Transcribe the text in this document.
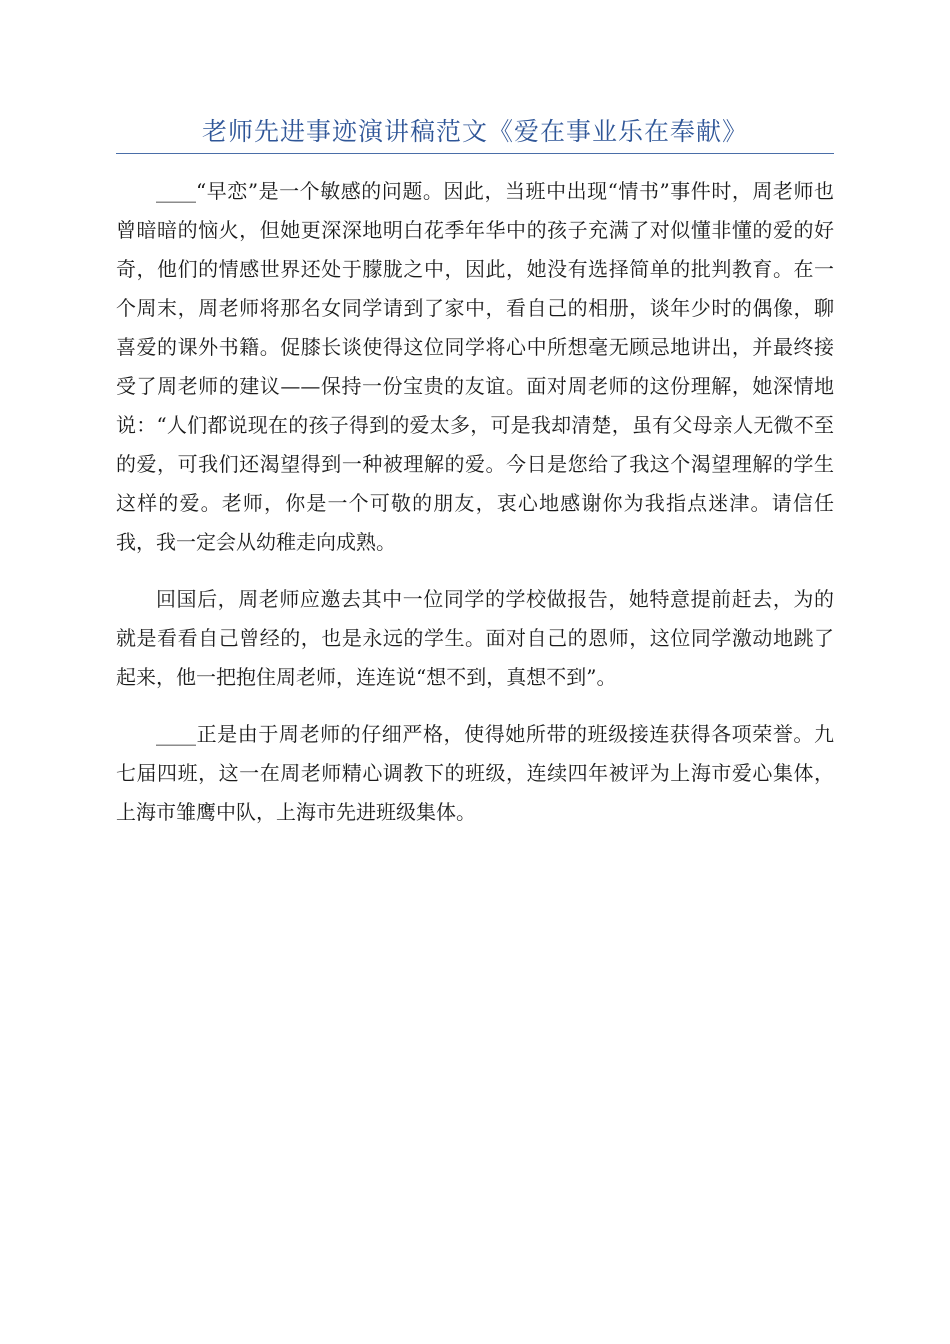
老师先进事迹演讲稿范文《爱在事业乐在奉献》

____“早恋”是一个敏感的问题。因此，当班中出现“情书”事件时，周老师也曾暗暗的恼火，但她更深深地明白花季年华中的孩子充满了对似懂非懂的爱的好奇，他们的情感世界还处于朦胧之中，因此，她没有选择简单的批判教育。在一个周末，周老师将那名女同学请到了家中，看自己的相册，谈年少时的偶像，聊喜爱的课外书籍。促膝长谈使得这位同学将心中所想毫无顾忌地讲出，并最终接受了周老师的建议——保持一份宝贵的友谊。面对周老师的这份理解，她深情地说：“人们都说现在的孩子得到的爱太多，可是我却清楚，虽有父母亲人无微不至的爱，可我们还渴望得到一种被理解的爱。今日是您给了我这个渴望理解的学生这样的爱。老师，你是一个可敬的朋友，衷心地感谢你为我指点迷津。请信任我，我一定会从幼稚走向成熟。

回国后，周老师应邀去其中一位同学的学校做报告，她特意提前赶去，为的就是看看自己曾经的，也是永远的学生。面对自己的恩师，这位同学激动地跳了起来，他一把抱住周老师，连连说“想不到，真想不到”。

____正是由于周老师的仔细严格，使得她所带的班级接连获得各项荣誉。九七届四班，这一在周老师精心调教下的班级，连续四年被评为上海市爱心集体，上海市雏鹰中队，上海市先进班级集体。
